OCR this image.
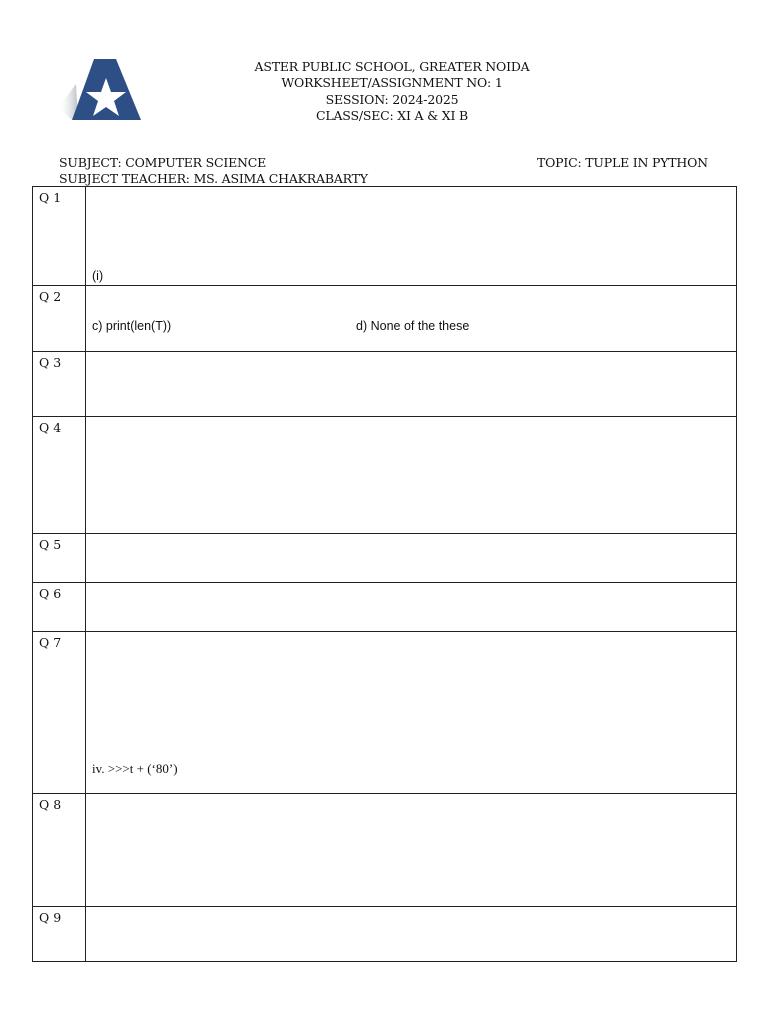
ASTER PUBLIC SCHOOL, GREATER NOIDA
WORKSHEET/ASSIGNMENT NO: 1
SESSION: 2024-2025
CLASS/SEC: XI A & XI B
SUBJECT: COMPUTER SCIENCE
SUBJECT TEACHER: MS. ASIMA CHAKRABARTY
TOPIC: TUPLE IN PYTHON
Q 1	(i)

Q 2	c) print(len(T)) d) None of the these

Q 3	
Q 4	
Q 5	
Q 6	
Q 7	iv. >>>t + (‘80’)

Q 8	
Q 9	
